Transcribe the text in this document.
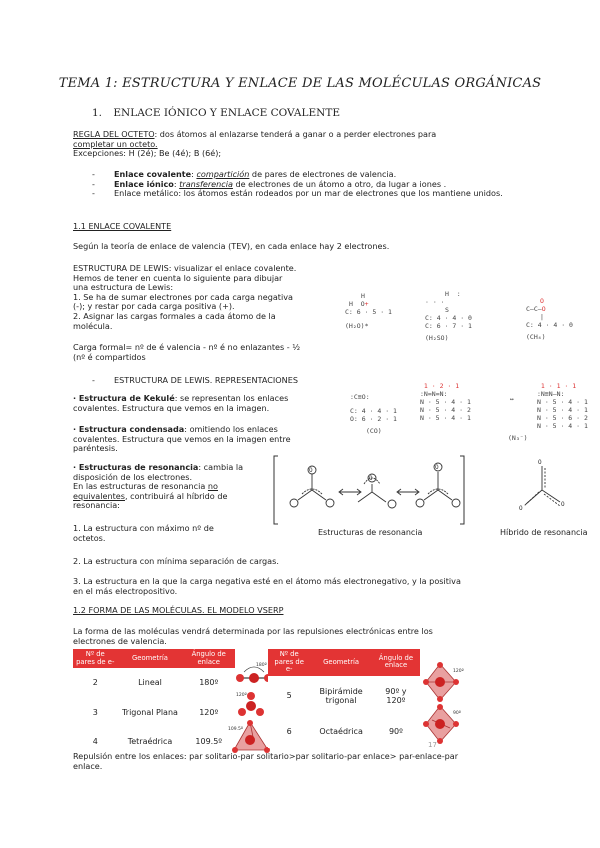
TEMA 1: ESTRUCTURA Y ENLACE DE LAS MOLÉCULAS ORGÁNICAS
1. ENLACE IÓNICO Y ENLACE COVALENTE
REGLA DEL OCTETO: dos átomos al enlazarse tenderá a ganar o a perder electrones para
completar un octeto.
Excepciones: H (2é); Be (4é); B (6é);
- Enlace covalente: compartición de pares de electrones de valencia.
- Enlace iónico: transferencia de electrones de un átomo a otro, da lugar a iones .
- Enlace metálico: los átomos están rodeados por un mar de electrones que los mantiene unidos.
1.1 ENLACE COVALENTE
Según la teoría de enlace de valencia (TEV), en cada enlace hay 2 electrones.
ESTRUCTURA DE LEWIS: visualizar el enlace covalente.
Hemos de tener en cuenta lo siguiente para dibujar
una estructura de Lewis:
1. Se ha de sumar electrones por cada carga negativa
(-); y restar por cada carga positiva (+).
2. Asignar las cargas formales a cada átomo de la
molécula.
Carga formal= nº de é valencia - nº é no enlazantes - ½
(nº é compartidos
H
H O+
C: 6 · 5 · 1
(H₂O)*
H  :
· · ·
S
C: 4 · 4 · 0
C: 6 · 7 · 1
(H₂SO)
O
C—C—O
|
C: 4 · 4 · 0
(CH₄)
- ESTRUCTURA DE LEWIS. REPRESENTACIONES
· Estructura de Kekulé: se representan los enlaces
covalentes. Estructura que vemos en la imagen.
· Estructura condensada: omitiendo los enlaces
covalentes. Estructura que vemos en la imagen entre
paréntesis.
:C≡O:
C: 4 · 4 · 1
O: 6 · 2 · 1
(CO)
1 · 2 · 1
:N=N=N:
N · 5 · 4 · 1
N · 5 · 4 · 2
N · 5 · 4 · 1
↔
1 · 1 · 1
:N≡N—N:
N · 5 · 4 · 1
N · 5 · 4 · 1
N · 5 · 6 · 2
N · 5 · 4 · 1
(N₃⁻)
· Estructuras de resonancia: cambia la
disposición de los electrones.
En las estructuras de resonancia no
equivalentes, contribuirá al híbrido de
resonancia:
O
O
O
O
O
O
Estructuras de resonancia	Híbrido de resonancia
1. La estructura con máximo nº de
octetos.
2. La estructura con mínima separación de cargas.
3. La estructura en la que la carga negativa esté en el átomo más electronegativo, y la positiva
en el más electropositivo.
1.2 FORMA DE LAS MOLÉCULAS. EL MODELO VSERP
La forma de las moléculas vendrá determinada por las repulsiones electrónicas entre los
electrones de valencia.
Nº de pares de e-	Geometría	Ángulo de enlace
2	Lineal	180º
3	Trigonal Plana	120º
4	Tetraédrica	109.5º
180º
120º
109.5º
Nº de pares de e-	Geometría	Ángulo de enlace
5	Bipirámide trigonal	90º y 120º
6	Octaédrica	90º
120º
90º
17
Repulsión entre los enlaces: par solitario-par solitario>par solitario-par enlace> par-enlace-par
enlace.
